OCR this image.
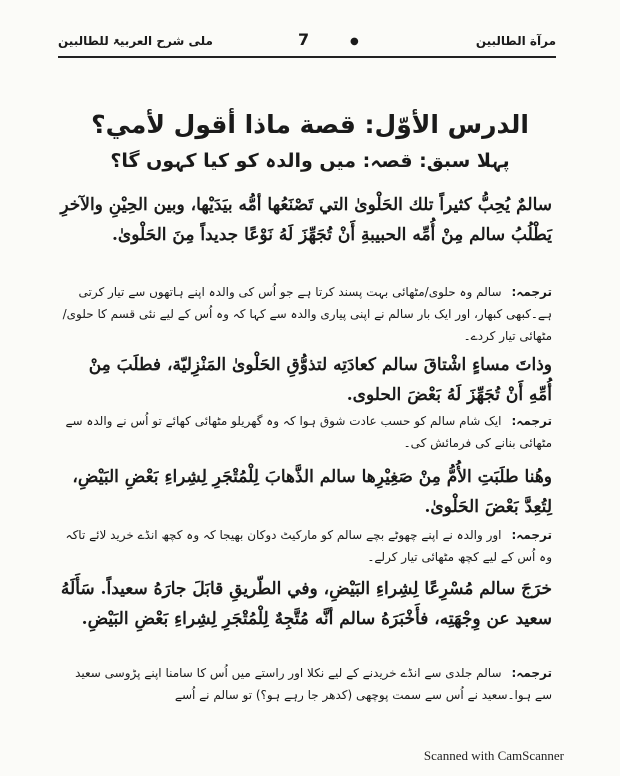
مرآة الطالبين
7	●
ملی شرح العربیۃ للطالبین
الدرس الأوّل: قصة ماذا أقول لأمي؟
پہلا سبق: قصہ: میں والدہ کو کیا کہوں گا؟
سالمٌ يُحِبُّ كثيراً تلك الحَلْوىٰ التي تَصْنَعُها أمُّه بيَدَيْها، وبين الحِيْنِ والآخرِ يَطْلُبُ سالم مِنْ أُمِّه الحبيبةِ أَنْ تُجَهِّزَ لَهُ نَوْعًا جديداً مِنَ الحَلْوىٰ.
ترجمہ:سالم وہ حلوی/مٹھائی بہت پسند کرتا ہے جو اُس کی والدہ اپنے ہاتھوں سے تیار کرتی ہے۔کبھی کبھار، اور ایک بار سالم نے اپنی پیاری والدہ سے کہا کہ وہ اُس کے لیے نئی قسم کا حلوی/مٹھائی تیار کردے۔
وذاتَ مساءٍ اشْتاقَ سالم كعادَتِه لتذوُّقِ الحَلْوىٰ المَنْزِليّة، فطلَبَ مِنْ أُمِّهِ أَنْ تُجَهِّزَ لَهُ بَعْضَ الحلوى.
ترجمہ:ایک شام سالم کو حسب عادت شوق ہوا کہ وہ گھریلو مٹھائی کھائے تو اُس نے والدہ سے مٹھائی بنانے کی فرمائش کی۔
وهُنا طلَبَتِ الأُمُّ مِنْ صَغِيْرِها سالم الذَّهابَ لِلْمُتْجَرِ لِشِراءِ بَعْضِ البَيْضِ، لِتُعِدَّ بَعْضَ الحَلْوىٰ.
ترجمہ:اور والدہ نے اپنے چھوٹے بچے سالم کو مارکیٹ دوکان بھیجا کہ وہ کچھ انڈے خرید لائے تاکہ وہ اُس کے لیے کچھ مٹھائی تیار کرلے۔
خرَجَ سالم مُسْرِعًا لِشِراءِ البَيْضِ، وفي الطّريقِ قابَلَ جارَهُ سعيداً. سَأَلَهُ سعيد عن وِجْهَتِه، فأَخْبَرَهُ سالم أنَّه مُتَّجِهٌ لِلْمُتْجَرِ لِشِراءِ بَعْضِ البَيْضِ.
ترجمہ:سالم جلدی سے انڈے خریدنے کے لیے نکلا اور راستے میں اُس کا سامنا اپنے پڑوسی سعید سے ہوا۔سعید نے اُس سے سمت پوچھی (کدھر جا رہے ہو؟) تو سالم نے اُسے
Scanned with CamScanner
